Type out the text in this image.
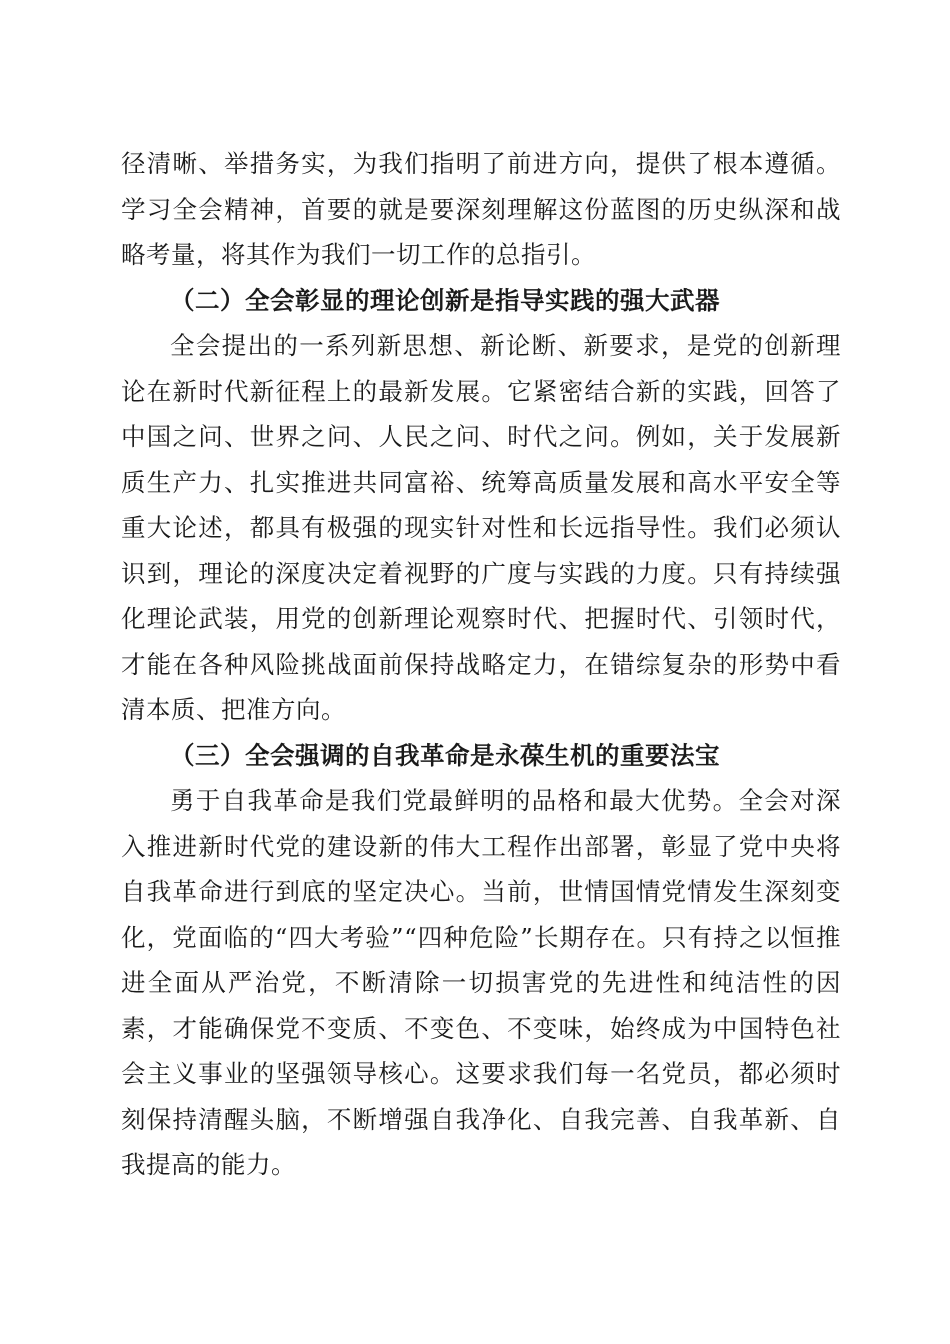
径清晰、举措务实，为我们指明了前进方向，提供了根本遵循。学习全会精神，首要的就是要深刻理解这份蓝图的历史纵深和战略考量，将其作为我们一切工作的总指引。

（二）全会彰显的理论创新是指导实践的强大武器

全会提出的一系列新思想、新论断、新要求，是党的创新理论在新时代新征程上的最新发展。它紧密结合新的实践，回答了中国之问、世界之问、人民之问、时代之问。例如，关于发展新质生产力、扎实推进共同富裕、统筹高质量发展和高水平安全等重大论述，都具有极强的现实针对性和长远指导性。我们必须认识到，理论的深度决定着视野的广度与实践的力度。只有持续强化理论武装，用党的创新理论观察时代、把握时代、引领时代，才能在各种风险挑战面前保持战略定力，在错综复杂的形势中看清本质、把准方向。

（三）全会强调的自我革命是永葆生机的重要法宝

勇于自我革命是我们党最鲜明的品格和最大优势。全会对深入推进新时代党的建设新的伟大工程作出部署，彰显了党中央将自我革命进行到底的坚定决心。当前，世情国情党情发生深刻变化，党面临的“四大考验”“四种危险”长期存在。只有持之以恒推进全面从严治党，不断清除一切损害党的先进性和纯洁性的因素，才能确保党不变质、不变色、不变味，始终成为中国特色社会主义事业的坚强领导核心。这要求我们每一名党员，都必须时刻保持清醒头脑，不断增强自我净化、自我完善、自我革新、自我提高的能力。
